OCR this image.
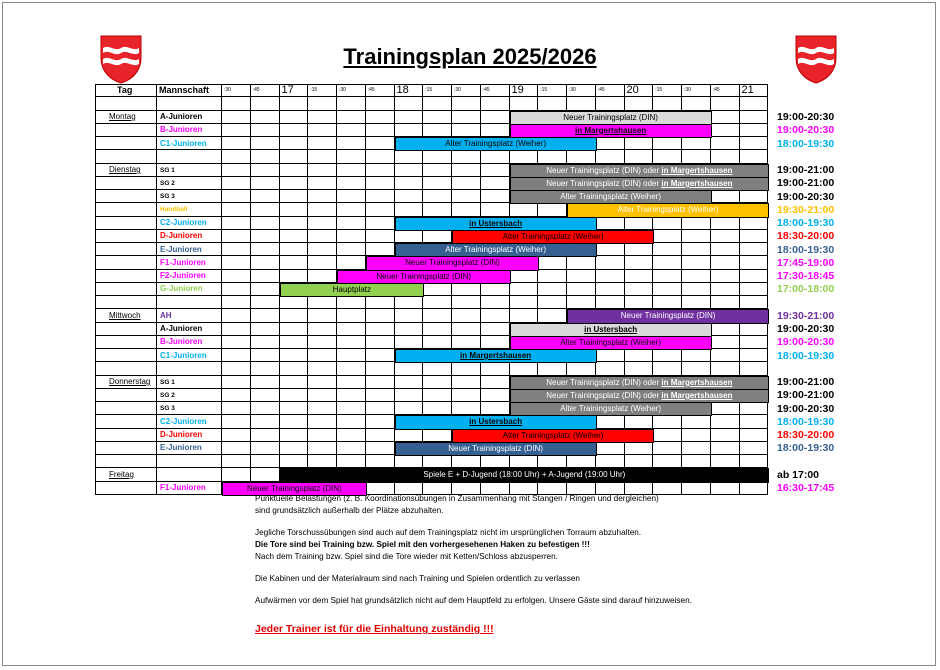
Trainingsplan 2025/2026
Tag	Mannschaft	:30	:45 17	:15	:30	:45 18	:15	:30	:45 19	:15	:30	:45 20	:15	:30	:45 21
Montag	A-Junioren	Neuer Trainingsplatz (DIN)	19:00-20:30
B-Junioren	in Margertshausen	19:00-20:30
C1-Junioren	Alter Trainingsplatz (Weiher)	18:00-19:30
Dienstag	SG 1	Neuer Trainingsplatz (DIN) oder in Margertshausen	19:00-21:00
SG 2	Neuer Trainingsplatz (DIN) oder in Margertshausen	19:00-21:00
SG 3	Alter Trainingsplatz (Weiher)	19:00-20:30
Handball	Alter Trainingsplatz (Weiher)	19:30-21:00
C2-Junioren	in Ustersbach	18:00-19:30
D-Junioren	Alter Trainingsplatz (Weiher)	18:30-20:00
E-Junioren	Alter Trainingsplatz (Weiher)	18:00-19:30
F1-Junioren	Neuer Trainingsplatz (DIN)	17:45-19:00
F2-Junioren	Neuer Trainingsplatz (DIN)	17:30-18:45
G-Junioren	Hauptplatz	17:00-18:00
Mittwoch AH	Neuer Trainingsplatz (DIN)	19:30-21:00
A-Junioren	in Ustersbach	19:00-20:30
B-Junioren	Alter Trainingsplatz (Weiher)	19:00-20:30
C1-Junioren	in Margertshausen	18:00-19:30
Donnerstag SG 1	Neuer Trainingsplatz (DIN) oder in Margertshausen	19:00-21:00
SG 2	Neuer Trainingsplatz (DIN) oder in Margertshausen	19:00-21:00
SG 3	Alter Trainingsplatz (Weiher)	19:00-20:30
C2-Junioren	in Ustersbach	18:00-19:30
D-Junioren	Alter Trainingsplatz (Weiher)	18:30-20:00
E-Junioren	Neuer Trainingsplatz (DIN)	18:00-19:30
Freitag	Spiele E + D-Jugend (18:00 Uhr) + A-Jugend (19:00 Uhr)	ab 17:00
F1-Junioren	Neuer Trainingsplatz (DIN)	16:30-17:45

Punktuelle Belastungen (z. B. Koordinationsübungen in Zusammenhang mit Stangen / Ringen und dergleichen)

sind grundsätzlich außerhalb der Plätze abzuhalten.

Jegliche Torschussübungen sind auch auf dem Trainingsplatz nicht im ursprünglichen Torraum abzuhalten.

Die Tore sind bei Training bzw. Spiel mit den vorhergesehenen Haken zu befestigen !!!

Nach dem Training bzw. Spiel sind die Tore wieder mit Ketten/Schloss abzusperren.

Die Kabinen und der Materialraum sind nach Training und Spielen ordentlich zu verlassen

Aufwärmen vor dem Spiel hat grundsätzlich nicht auf dem Hauptfeld zu erfolgen. Unsere Gäste sind darauf hinzuweisen.

Jeder Trainer ist für die Einhaltung zuständig !!!
